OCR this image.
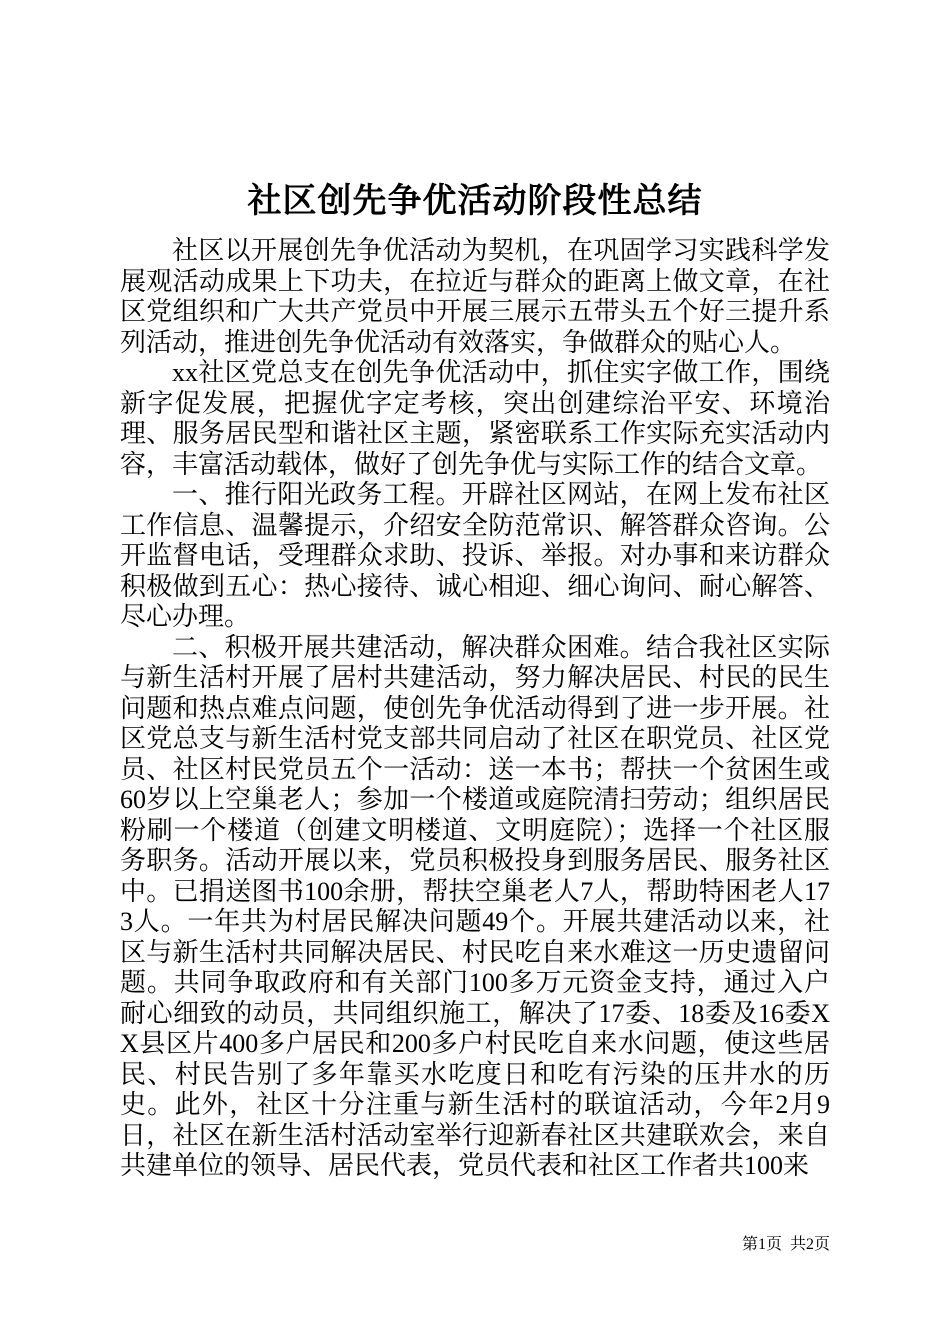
社区创先争优活动阶段性总结

社区以开展创先争优活动为契机，在巩固学习实践科学发展观活动成果上下功夫，在拉近与群众的距离上做文章，在社区党组织和广大共产党员中开展三展示五带头五个好三提升系列活动，推进创先争优活动有效落实，争做群众的贴心人。

xx社区党总支在创先争优活动中，抓住实字做工作，围绕新字促发展，把握优字定考核，突出创建综治平安、环境治理、服务居民型和谐社区主题，紧密联系工作实际充实活动内容，丰富活动载体，做好了创先争优与实际工作的结合文章。

一、推行阳光政务工程。开辟社区网站，在网上发布社区工作信息、温馨提示，介绍安全防范常识、解答群众咨询。公开监督电话，受理群众求助、投诉、举报。对办事和来访群众积极做到五心：热心接待、诚心相迎、细心询问、耐心解答、尽心办理。

二、积极开展共建活动，解决群众困难。结合我社区实际与新生活村开展了居村共建活动，努力解决居民、村民的民生问题和热点难点问题，使创先争优活动得到了进一步开展。社区党总支与新生活村党支部共同启动了社区在职党员、社区党员、社区村民党员五个一活动：送一本书；帮扶一个贫困生或60岁以上空巢老人；参加一个楼道或庭院清扫劳动；组织居民粉刷一个楼道（创建文明楼道、文明庭院）；选择一个社区服务职务。活动开展以来，党员积极投身到服务居民、服务社区中。已捐送图书100余册，帮扶空巢老人7人，帮助特困老人173人。一年共为村居民解决问题49个。开展共建活动以来，社区与新生活村共同解决居民、村民吃自来水难这一历史遗留问题。共同争取政府和有关部门100多万元资金支持，通过入户耐心细致的动员，共同组织施工，解决了17委、18委及16委XX县区片400多户居民和200多户村民吃自来水问题，使这些居民、村民告别了多年靠买水吃度日和吃有污染的压井水的历史。此外，社区十分注重与新生活村的联谊活动，今年2月9日，社区在新生活村活动室举行迎新春社区共建联欢会，来自共建单位的领导、居民代表，党员代表和社区工作者共100来

第1页 共2页
